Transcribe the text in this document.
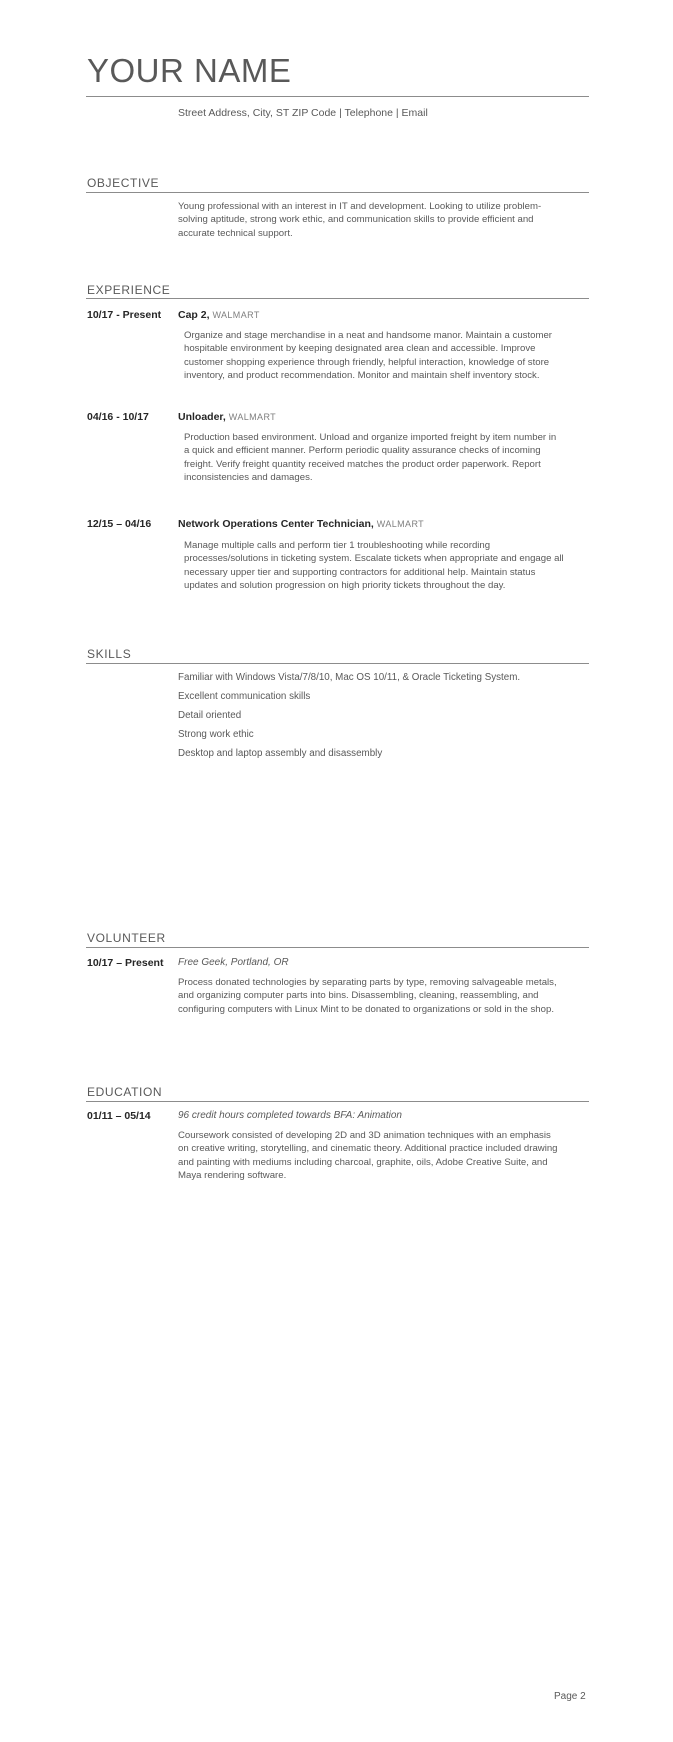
YOUR NAME
Street Address, City, ST ZIP Code | Telephone | Email
OBJECTIVE

Young professional with an interest in IT and development. Looking to utilize problem-solving aptitude, strong work ethic, and communication skills to provide efficient and accurate technical support.

EXPERIENCE
10/17 - Present Cap 2, WALMART

Organize and stage merchandise in a neat and handsome manor. Maintain a customer hospitable environment by keeping designated area clean and accessible. Improve customer shopping experience through friendly, helpful interaction, knowledge of store inventory, and product recommendation. Monitor and maintain shelf inventory stock.

04/16 - 10/17	Unloader, WALMART

Production based environment. Unload and organize imported freight by item number in a quick and efficient manner. Perform periodic quality assurance checks of incoming freight. Verify freight quantity received matches the product order paperwork. Report inconsistencies and damages.

12/15 – 04/16	Network Operations Center Technician, WALMART

Manage multiple calls and perform tier 1 troubleshooting while recording processes/solutions in ticketing system. Escalate tickets when appropriate and engage all necessary upper tier and supporting contractors for additional help. Maintain status updates and solution progression on high priority tickets throughout the day.

SKILLS
Familiar with Windows Vista/7/8/10, Mac OS 10/11, & Oracle Ticketing System.
Excellent communication skills
Detail oriented
Strong work ethic
Desktop and laptop assembly and disassembly
VOLUNTEER
10/17 – Present Free Geek, Portland, OR

Process donated technologies by separating parts by type, removing salvageable metals, and organizing computer parts into bins. Disassembling, cleaning, reassembling, and configuring computers with Linux Mint to be donated to organizations or sold in the shop.

EDUCATION
01/11 – 05/14	96 credit hours completed towards BFA: Animation

Coursework consisted of developing 2D and 3D animation techniques with an emphasis on creative writing, storytelling, and cinematic theory. Additional practice included drawing and painting with mediums including charcoal, graphite, oils, Adobe Creative Suite, and Maya rendering software.

Page 2
